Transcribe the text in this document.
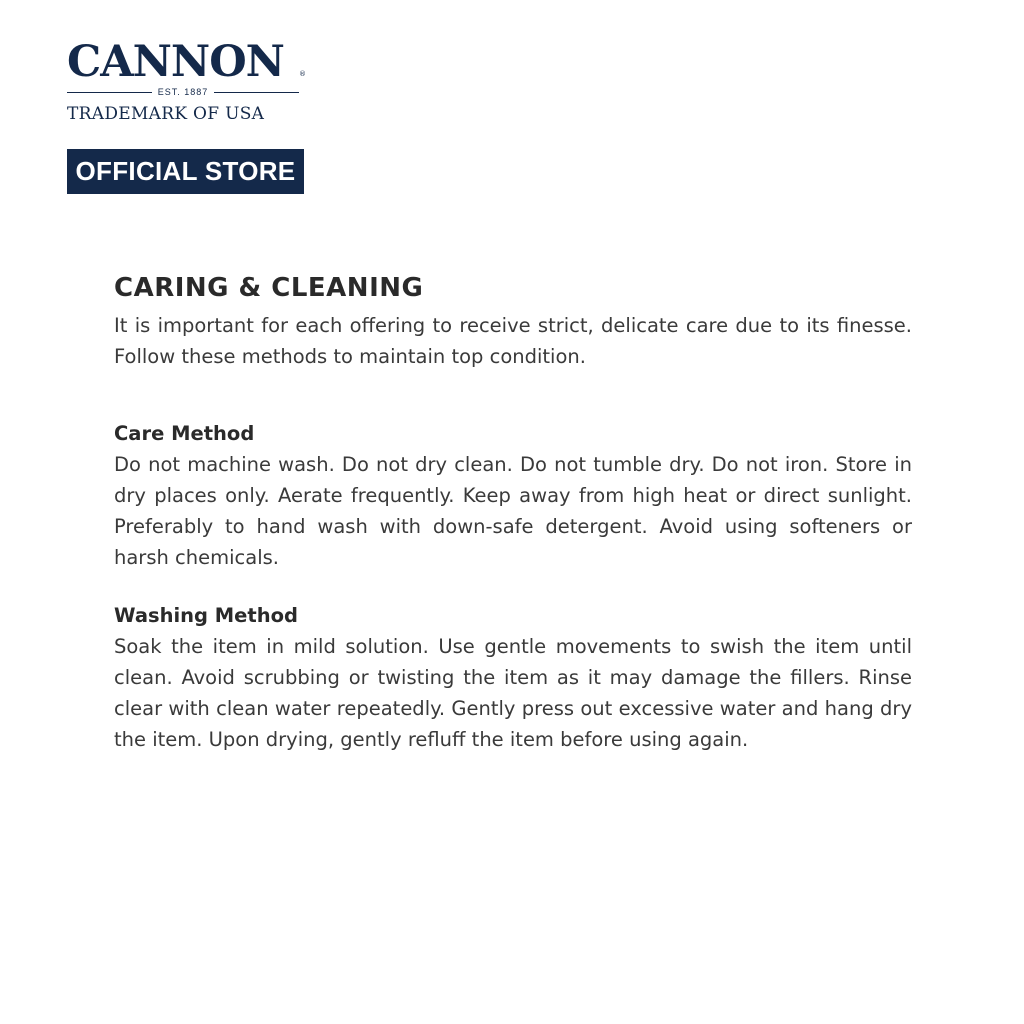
CANNON	®
EST. 1887
TRADEMARK OF USA
OFFICIAL STORE
CARING & CLEANING

It is important for each offering to receive strict, delicate care due to its finesse. Follow these methods to maintain top condition.

Care Method

Do not machine wash. Do not dry clean. Do not tumble dry. Do not iron. Store in dry places only. Aerate frequently. Keep away from high heat or direct sunlight. Preferably to hand wash with down-safe detergent. Avoid using softeners or harsh chemicals.

Washing Method

Soak the item in mild solution. Use gentle movements to swish the item until clean. Avoid scrubbing or twisting the item as it may damage the fillers. Rinse clear with clean water repeatedly. Gently press out excessive water and hang dry the item. Upon drying, gently refluff the item before using again.
